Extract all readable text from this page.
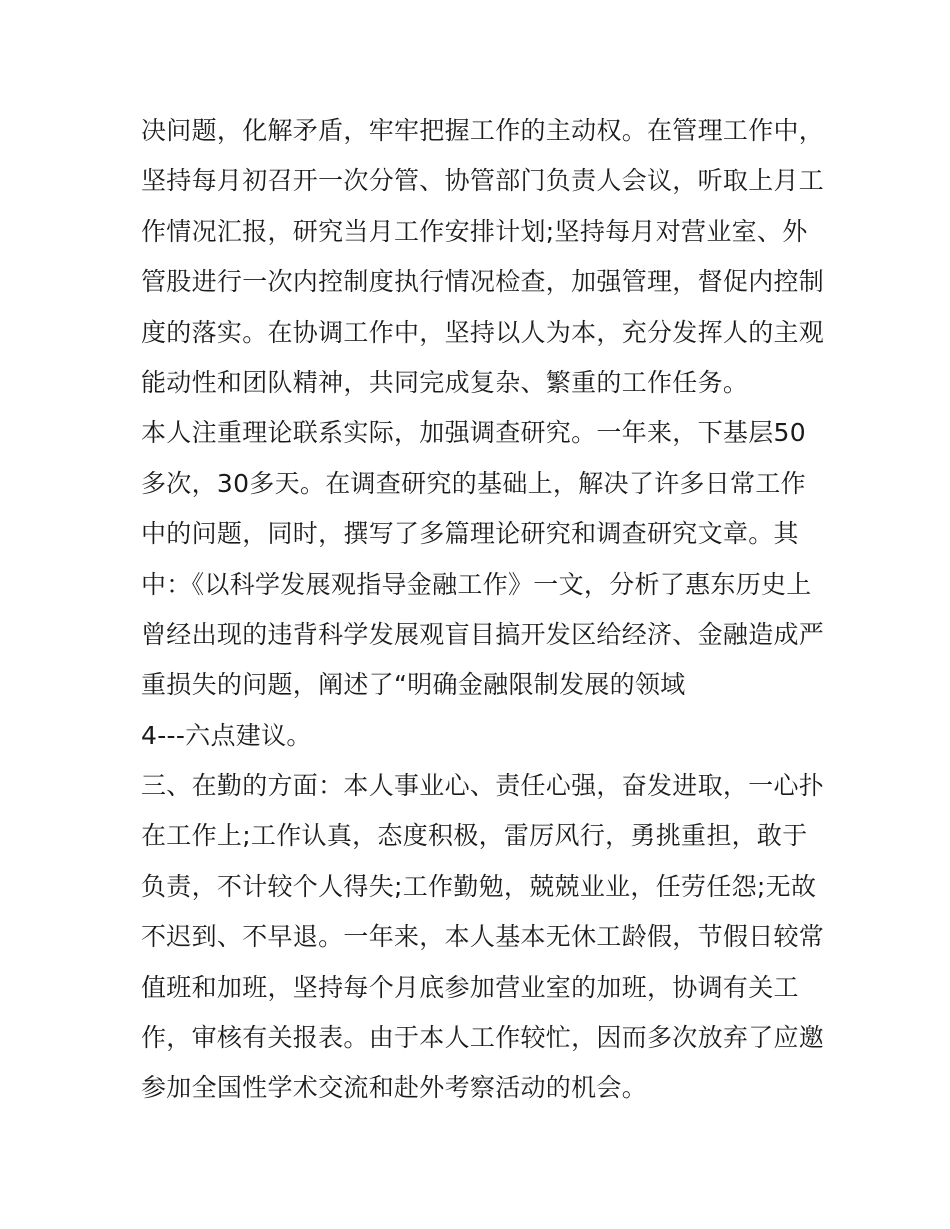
决问题，化解矛盾，牢牢把握工作的主动权。在管理工作中，
坚持每月初召开一次分管、协管部门负责人会议，听取上月工
作情况汇报，研究当月工作安排计划;坚持每月对营业室、外
管股进行一次内控制度执行情况检查，加强管理，督促内控制
度的落实。在协调工作中，坚持以人为本，充分发挥人的主观
能动性和团队精神，共同完成复杂、繁重的工作任务。
本人注重理论联系实际，加强调查研究。一年来，下基层50
多次，30多天。在调查研究的基础上，解决了许多日常工作
中的问题，同时，撰写了多篇理论研究和调查研究文章。其
中：《以科学发展观指导金融工作》一文，分析了惠东历史上
曾经出现的违背科学发展观盲目搞开发区给经济、金融造成严
重损失的问题，阐述了“明确金融限制发展的领域
4---六点建议。
三、在勤的方面：本人事业心、责任心强，奋发进取，一心扑
在工作上;工作认真，态度积极，雷厉风行，勇挑重担，敢于
负责，不计较个人得失;工作勤勉，兢兢业业，任劳任怨;无故
不迟到、不早退。一年来，本人基本无休工龄假，节假日较常
值班和加班，坚持每个月底参加营业室的加班，协调有关工
作，审核有关报表。由于本人工作较忙，因而多次放弃了应邀
参加全国性学术交流和赴外考察活动的机会。
